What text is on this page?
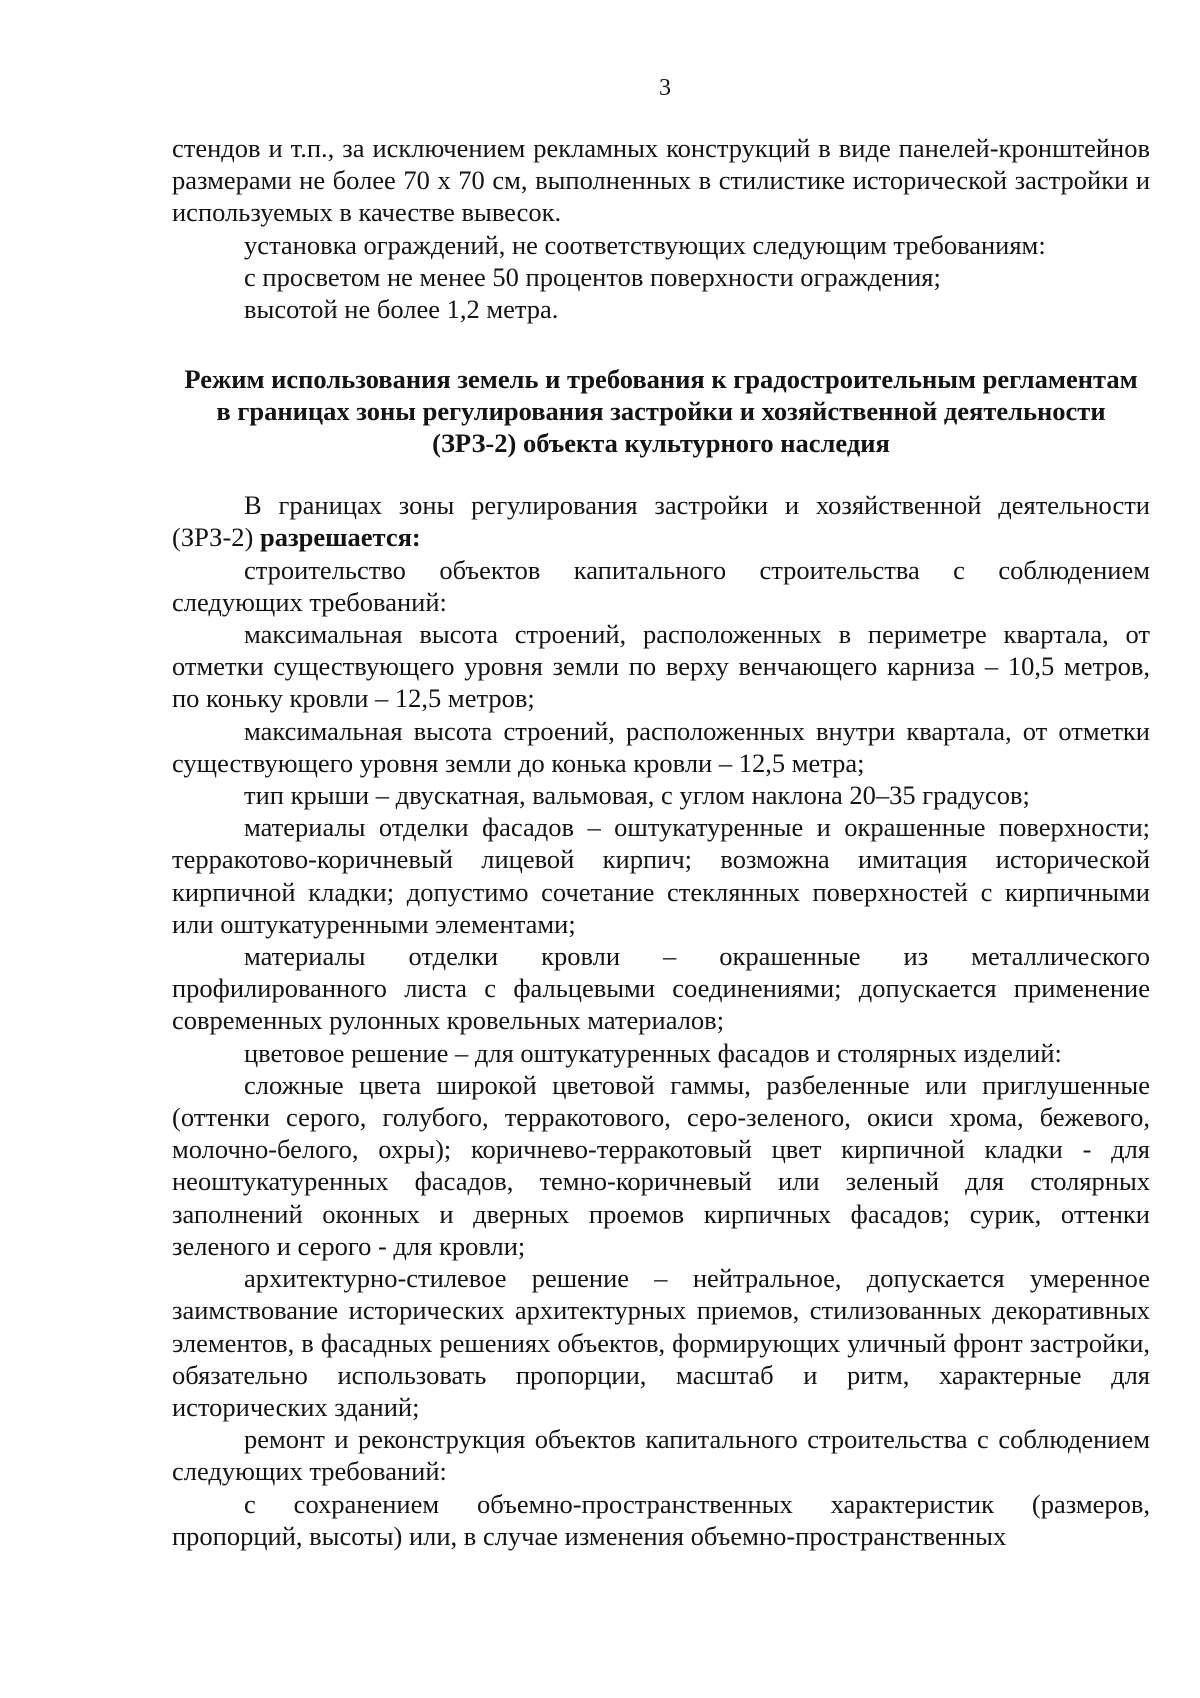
3

стендов и т.п., за исключением рекламных конструкций в виде панелей-кронштейнов размерами не более 70 х 70 см, выполненных в стилистике исторической застройки и используемых в качестве вывесок.

установка ограждений, не соответствующих следующим требованиям:

с просветом не менее 50 процентов поверхности ограждения;

высотой не более 1,2 метра.

Режим использования земель и требования к градостроительным регламентам в границах зоны регулирования застройки и хозяйственной деятельности (ЗРЗ-2) объекта культурного наследия

В границах зоны регулирования застройки и хозяйственной деятельности (ЗРЗ-2) разрешается:

строительство объектов капитального строительства с соблюдением следующих требований:

максимальная высота строений, расположенных в периметре квартала, от отметки существующего уровня земли по верху венчающего карниза – 10,5 метров, по коньку кровли – 12,5 метров;

максимальная высота строений, расположенных внутри квартала, от отметки существующего уровня земли до конька кровли – 12,5 метра;

тип крыши – двускатная, вальмовая, с углом наклона 20–35 градусов;

материалы отделки фасадов – оштукатуренные и окрашенные поверхности; терракотово-коричневый лицевой кирпич; возможна имитация исторической кирпичной кладки; допустимо сочетание стеклянных поверхностей с кирпичными или оштукатуренными элементами;

материалы отделки кровли – окрашенные из металлического профилированного листа с фальцевыми соединениями; допускается применение современных рулонных кровельных материалов;

цветовое решение – для оштукатуренных фасадов и столярных изделий:

сложные цвета широкой цветовой гаммы, разбеленные или приглушенные (оттенки серого, голубого, терракотового, серо-зеленого, окиси хрома, бежевого, молочно-белого, охры); коричнево-терракотовый цвет кирпичной кладки - для неоштукатуренных фасадов, темно-коричневый или зеленый для столярных заполнений оконных и дверных проемов кирпичных фасадов; сурик, оттенки зеленого и серого - для кровли;

архитектурно-стилевое решение – нейтральное, допускается умеренное заимствование исторических архитектурных приемов, стилизованных декоративных элементов, в фасадных решениях объектов, формирующих уличный фронт застройки, обязательно использовать пропорции, масштаб и ритм, характерные для исторических зданий;

ремонт и реконструкция объектов капитального строительства с соблюдением следующих требований:

с сохранением объемно-пространственных характеристик (размеров, пропорций, высоты) или, в случае изменения объемно-пространственных
